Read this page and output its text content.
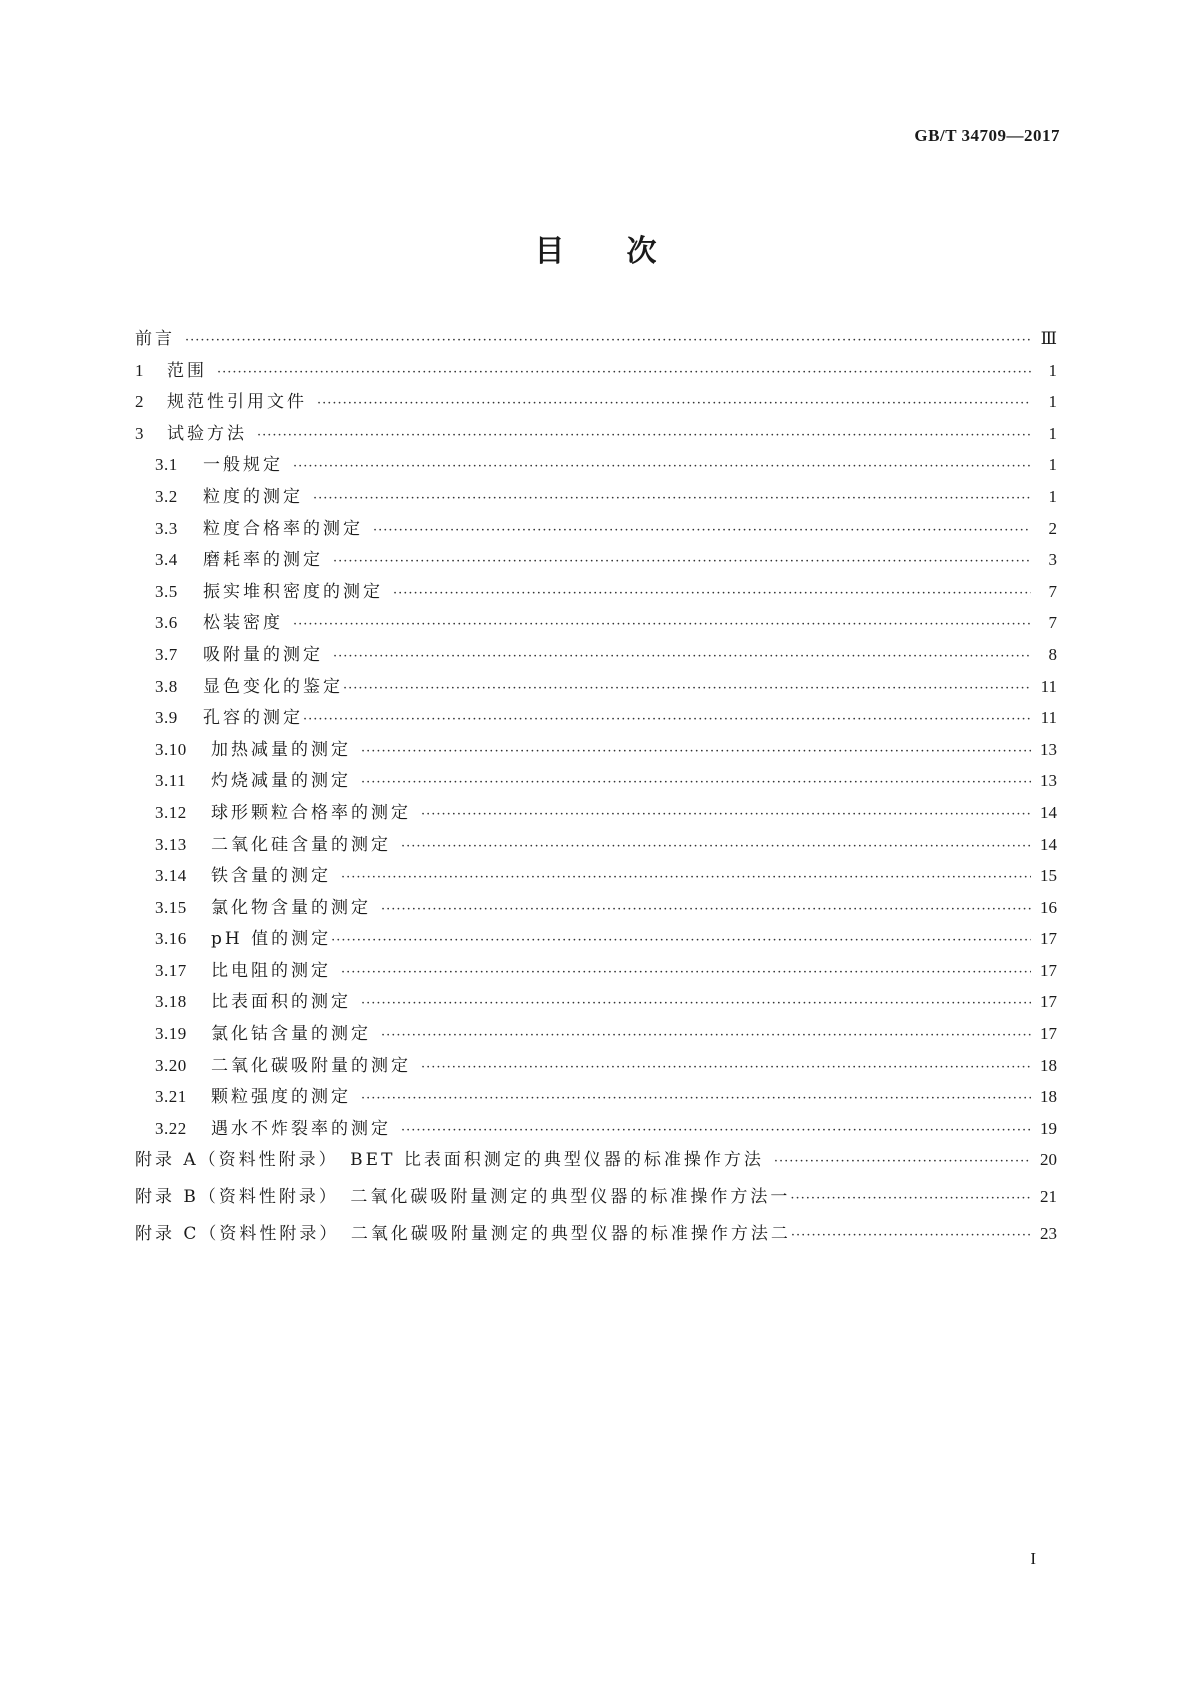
GB/T 34709—2017
目次
前言 ·····	Ⅲ
1	范围 ·····	1
2	规范性引用文件 ·····	1
3	试验方法 ·····	1
3.1	一般规定 ·····	1
3.2	粒度的测定 ·····	1
3.3	粒度合格率的测定 ·····	2
3.4	磨耗率的测定 ·····	3
3.5	振实堆积密度的测定 ·····	7
3.6	松装密度 ·····	7
3.7	吸附量的测定 ·····	8
3.8	显色变化的鉴定 ·····	11
3.9	孔容的测定 ·····	11
3.10	加热减量的测定 ·····	13
3.11	灼烧减量的测定 ·····	13
3.12	球形颗粒合格率的测定 ·····	14
3.13	二氧化硅含量的测定 ·····	14
3.14	铁含量的测定 ·····	15
3.15	氯化物含量的测定 ·····	16
3.16	pH 值的测定 ·····	17
3.17	比电阻的测定 ·····	17
3.18	比表面积的测定 ·····	17
3.19	氯化钴含量的测定 ·····	17
3.20	二氧化碳吸附量的测定 ·····	18
3.21	颗粒强度的测定 ·····	18
3.22	遇水不炸裂率的测定 ·····	19
附录 A（资料性附录）　BET 比表面积测定的典型仪器的标准操作方法 ·····	20
附录 B（资料性附录）　二氧化碳吸附量测定的典型仪器的标准操作方法一 ·····	21
附录 C（资料性附录）　二氧化碳吸附量测定的典型仪器的标准操作方法二 ·····	23
I
